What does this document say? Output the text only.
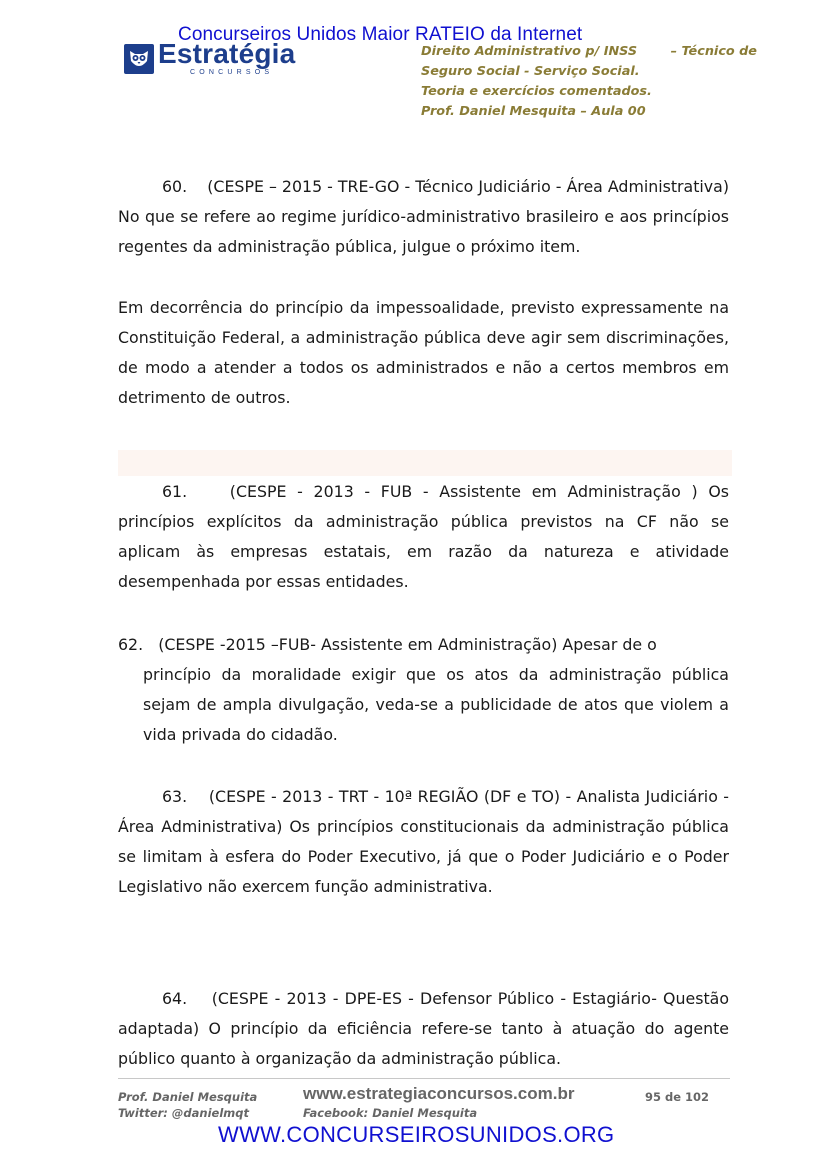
Concurseiros Unidos Maior RATEIO da Internet
Estratégia
CONCURSOS
Direito Administrativo p/ INSS	– Técnico de
Seguro Social - Serviço Social.
Teoria e exercícios comentados.
Prof. Daniel Mesquita – Aula 00
60. (CESPE – 2015 - TRE-GO - Técnico Judiciário - Área Administrativa) No que se refere ao regime jurídico-administrativo brasileiro e aos princípios regentes da administração pública, julgue o próximo item.
Em decorrência do princípio da impessoalidade, previsto expressamente na Constituição Federal, a administração pública deve agir sem discriminações, de modo a atender a todos os administrados e não a certos membros em detrimento de outros.
61.	(CESPE - 2013 - FUB - Assistente em Administração ) Os princípios explícitos da administração pública previstos na CF não se aplicam às empresas estatais, em razão da natureza e atividade desempenhada por essas entidades.
62. (CESPE -2015 –FUB- Assistente em Administração) Apesar de o
princípio da moralidade exigir que os atos da administração pública sejam de ampla divulgação, veda-se a publicidade de atos que violem a vida privada do cidadão.
63. (CESPE - 2013 - TRT - 10ª REGIÃO (DF e TO) - Analista Judiciário - Área Administrativa) Os princípios constitucionais da administração pública se limitam à esfera do Poder Executivo, já que o Poder Judiciário e o Poder Legislativo não exercem função administrativa.
64. (CESPE - 2013 - DPE-ES - Defensor Público - Estagiário- Questão adaptada) O princípio da eficiência refere-se tanto à atuação do agente público quanto à organização da administração pública.
Prof. Daniel Mesquita
Twitter: @danielmqt
www.estrategiaconcursos.com.br
Facebook: Daniel Mesquita
95 de 102
WWW.CONCURSEIROSUNIDOS.ORG
